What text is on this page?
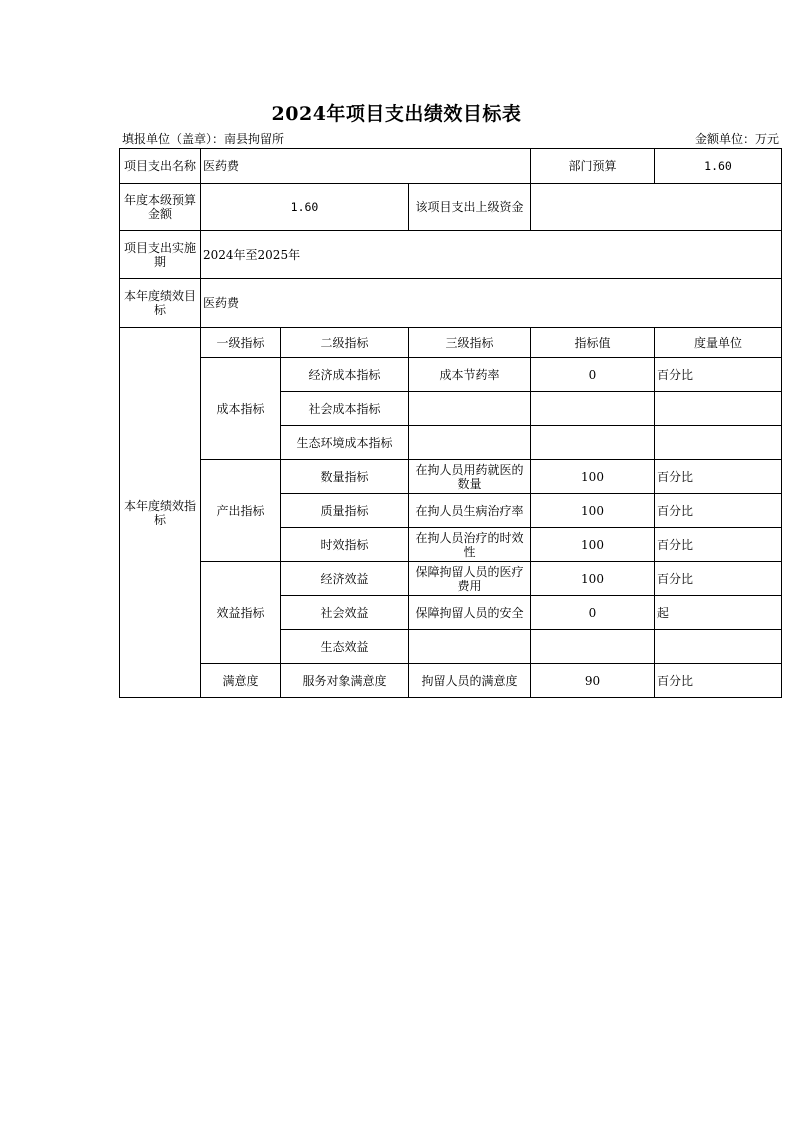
2024年项目支出绩效目标表
填报单位（盖章）：南县拘留所	金额单位：万元
项目支出名称	医药费			部门预算	1.60
年度本级预算金额	1.60		该项目支出上级资金		
项目支出实施期	2024年至2025年				
本年度绩效目标	医药费				
本年度绩效指标	一级指标	二级指标	三级指标	指标值	度量单位
	成本指标	经济成本指标	成本节药率	0	百分比
		社会成本指标			
		生态环境成本指标			
	产出指标	数量指标	在拘人员用药就医的数量	100	百分比
		质量指标	在拘人员生病治疗率	100	百分比
		时效指标	在拘人员治疗的时效性	100	百分比
	效益指标	经济效益	保障拘留人员的医疗费用	100	百分比
		社会效益	保障拘留人员的安全	0	起
		生态效益			
	满意度	服务对象满意度	拘留人员的满意度	90	百分比
